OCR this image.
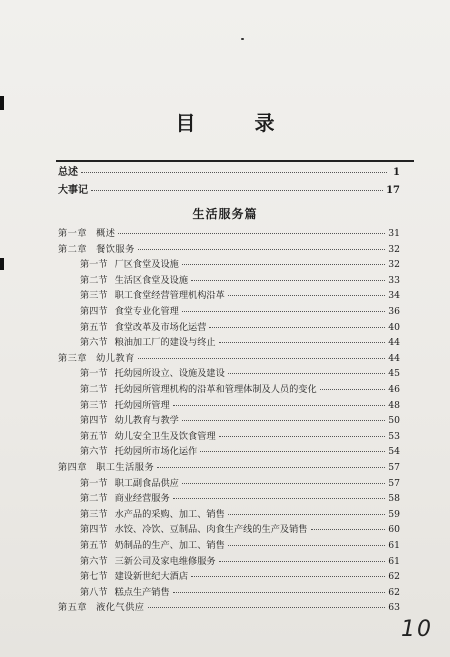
目 录
总述	1
大事记	17
生活服务篇
第一章 概述	31
第二章 餐饮服务	32
第一节 厂区食堂及设施	32
第二节 生活区食堂及设施	33
第三节 职工食堂经营管理机构沿革	34
第四节 食堂专业化管理	36
第五节 食堂改革及市场化运营	40
第六节 粮油加工厂的建设与终止	44
第三章 幼儿教育	44
第一节 托幼园所设立、设施及建设	45
第二节 托幼园所管理机构的沿革和管理体制及人员的变化	46
第三节 托幼园所管理	48
第四节 幼儿教育与教学	50
第五节 幼儿安全卫生及饮食管理	53
第六节 托幼园所市场化运作	54
第四章 职工生活服务	57
第一节 职工副食品供应	57
第二节 商业经营服务	58
第三节 水产品的采购、加工、销售	59
第四节 水饺、冷饮、豆制品、肉食生产线的生产及销售	60
第五节 奶制品的生产、加工、销售	61
第六节 三新公司及家电维修服务	61
第七节 建设新世纪大酒店	62
第八节 糕点生产销售	62
第五章 液化气供应	63
10
